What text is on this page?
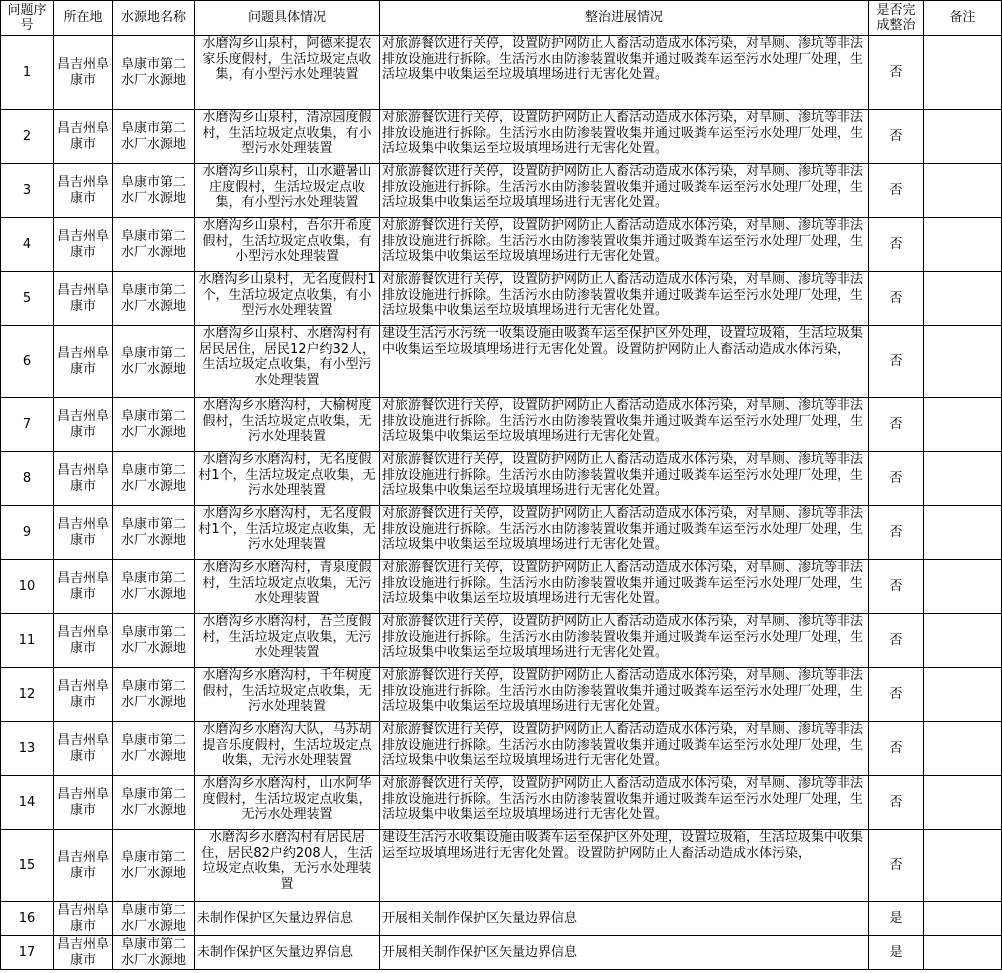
问题序号	所在地	水源地名称	问题具体情况	整治进展情况	是否完成整治	备注
1	昌吉州阜康市	阜康市第二水厂水源地	水磨沟乡山泉村，阿德来提农家乐度假村，生活垃圾定点收集，有小型污水处理装置	对旅游餐饮进行关停，设置防护网防止人畜活动造成水体污染，对旱厕、渗坑等非法排放设施进行拆除。生活污水由防渗装置收集并通过吸粪车运至污水处理厂处理，生活垃圾集中收集运至垃圾填埋场进行无害化处置。	否	
2	昌吉州阜康市	阜康市第二水厂水源地	水磨沟乡山泉村，清凉园度假村，生活垃圾定点收集，有小型污水处理装置	对旅游餐饮进行关停，设置防护网防止人畜活动造成水体污染，对旱厕、渗坑等非法排放设施进行拆除。生活污水由防渗装置收集并通过吸粪车运至污水处理厂处理，生活垃圾集中收集运至垃圾填埋场进行无害化处置。	否	
3	昌吉州阜康市	阜康市第二水厂水源地	水磨沟乡山泉村，山水避暑山庄度假村，生活垃圾定点收集，有小型污水处理装置	对旅游餐饮进行关停，设置防护网防止人畜活动造成水体污染，对旱厕、渗坑等非法排放设施进行拆除。生活污水由防渗装置收集并通过吸粪车运至污水处理厂处理，生活垃圾集中收集运至垃圾填埋场进行无害化处置。	否	
4	昌吉州阜康市	阜康市第二水厂水源地	水磨沟乡山泉村，吾尔开希度假村，生活垃圾定点收集，有小型污水处理装置	对旅游餐饮进行关停，设置防护网防止人畜活动造成水体污染，对旱厕、渗坑等非法排放设施进行拆除。生活污水由防渗装置收集并通过吸粪车运至污水处理厂处理，生活垃圾集中收集运至垃圾填埋场进行无害化处置。	否	
5	昌吉州阜康市	阜康市第二水厂水源地	水磨沟乡山泉村，无名度假村1个，生活垃圾定点收集，有小型污水处理装置	对旅游餐饮进行关停，设置防护网防止人畜活动造成水体污染，对旱厕、渗坑等非法排放设施进行拆除。生活污水由防渗装置收集并通过吸粪车运至污水处理厂处理，生活垃圾集中收集运至垃圾填埋场进行无害化处置。	否	
6	昌吉州阜康市	阜康市第二水厂水源地	水磨沟乡山泉村、水磨沟村有居民居住，居民12户约32人，生活垃圾定点收集，有小型污水处理装置	建设生活污水污统一收集设施由吸粪车运至保护区外处理，设置垃圾箱，生活垃圾集中收集运至垃圾填埋场进行无害化处置。设置防护网防止人畜活动造成水体污染，	否	
7	昌吉州阜康市	阜康市第二水厂水源地	水磨沟乡水磨沟村，大榆树度假村，生活垃圾定点收集，无污水处理装置	对旅游餐饮进行关停，设置防护网防止人畜活动造成水体污染，对旱厕、渗坑等非法排放设施进行拆除。生活污水由防渗装置收集并通过吸粪车运至污水处理厂处理，生活垃圾集中收集运至垃圾填埋场进行无害化处置。	否	
8	昌吉州阜康市	阜康市第二水厂水源地	水磨沟乡水磨沟村，无名度假村1个，生活垃圾定点收集，无污水处理装置	对旅游餐饮进行关停，设置防护网防止人畜活动造成水体污染，对旱厕、渗坑等非法排放设施进行拆除。生活污水由防渗装置收集并通过吸粪车运至污水处理厂处理，生活垃圾集中收集运至垃圾填埋场进行无害化处置。	否	
9	昌吉州阜康市	阜康市第二水厂水源地	水磨沟乡水磨沟村，无名度假村1个，生活垃圾定点收集，无污水处理装置	对旅游餐饮进行关停，设置防护网防止人畜活动造成水体污染，对旱厕、渗坑等非法排放设施进行拆除。生活污水由防渗装置收集并通过吸粪车运至污水处理厂处理，生活垃圾集中收集运至垃圾填埋场进行无害化处置。	否	
10	昌吉州阜康市	阜康市第二水厂水源地	水磨沟乡水磨沟村，青泉度假村，生活垃圾定点收集，无污水处理装置	对旅游餐饮进行关停，设置防护网防止人畜活动造成水体污染，对旱厕、渗坑等非法排放设施进行拆除。生活污水由防渗装置收集并通过吸粪车运至污水处理厂处理，生活垃圾集中收集运至垃圾填埋场进行无害化处置。	否	
11	昌吉州阜康市	阜康市第二水厂水源地	水磨沟乡水磨沟村，吾兰度假村，生活垃圾定点收集，无污水处理装置	对旅游餐饮进行关停，设置防护网防止人畜活动造成水体污染，对旱厕、渗坑等非法排放设施进行拆除。生活污水由防渗装置收集并通过吸粪车运至污水处理厂处理，生活垃圾集中收集运至垃圾填埋场进行无害化处置。	否	
12	昌吉州阜康市	阜康市第二水厂水源地	水磨沟乡水磨沟村，千年树度假村，生活垃圾定点收集，无污水处理装置	对旅游餐饮进行关停，设置防护网防止人畜活动造成水体污染，对旱厕、渗坑等非法排放设施进行拆除。生活污水由防渗装置收集并通过吸粪车运至污水处理厂处理，生活垃圾集中收集运至垃圾填埋场进行无害化处置。	否	
13	昌吉州阜康市	阜康市第二水厂水源地	水磨沟乡水磨沟大队，马苏胡提音乐度假村，生活垃圾定点收集，无污水处理装置	对旅游餐饮进行关停，设置防护网防止人畜活动造成水体污染，对旱厕、渗坑等非法排放设施进行拆除。生活污水由防渗装置收集并通过吸粪车运至污水处理厂处理，生活垃圾集中收集运至垃圾填埋场进行无害化处置。	否	
14	昌吉州阜康市	阜康市第二水厂水源地	水磨沟乡水磨沟村，山水阿华度假村，生活垃圾定点收集，无污水处理装置	对旅游餐饮进行关停，设置防护网防止人畜活动造成水体污染，对旱厕、渗坑等非法排放设施进行拆除。生活污水由防渗装置收集并通过吸粪车运至污水处理厂处理，生活垃圾集中收集运至垃圾填埋场进行无害化处置。	否	
15	昌吉州阜康市	阜康市第二水厂水源地	水磨沟乡水磨沟村有居民居住，居民82户约208人，生活垃圾定点收集，无污水处理装置	建设生活污水收集设施由吸粪车运至保护区外处理，设置垃圾箱，生活垃圾集中收集运至垃圾填埋场进行无害化处置。设置防护网防止人畜活动造成水体污染，	否	
16	昌吉州阜康市	阜康市第二水厂水源地	未制作保护区矢量边界信息	开展相关制作保护区矢量边界信息	是	
17	昌吉州阜康市	阜康市第二水厂水源地	未制作保护区矢量边界信息	开展相关制作保护区矢量边界信息	是	
